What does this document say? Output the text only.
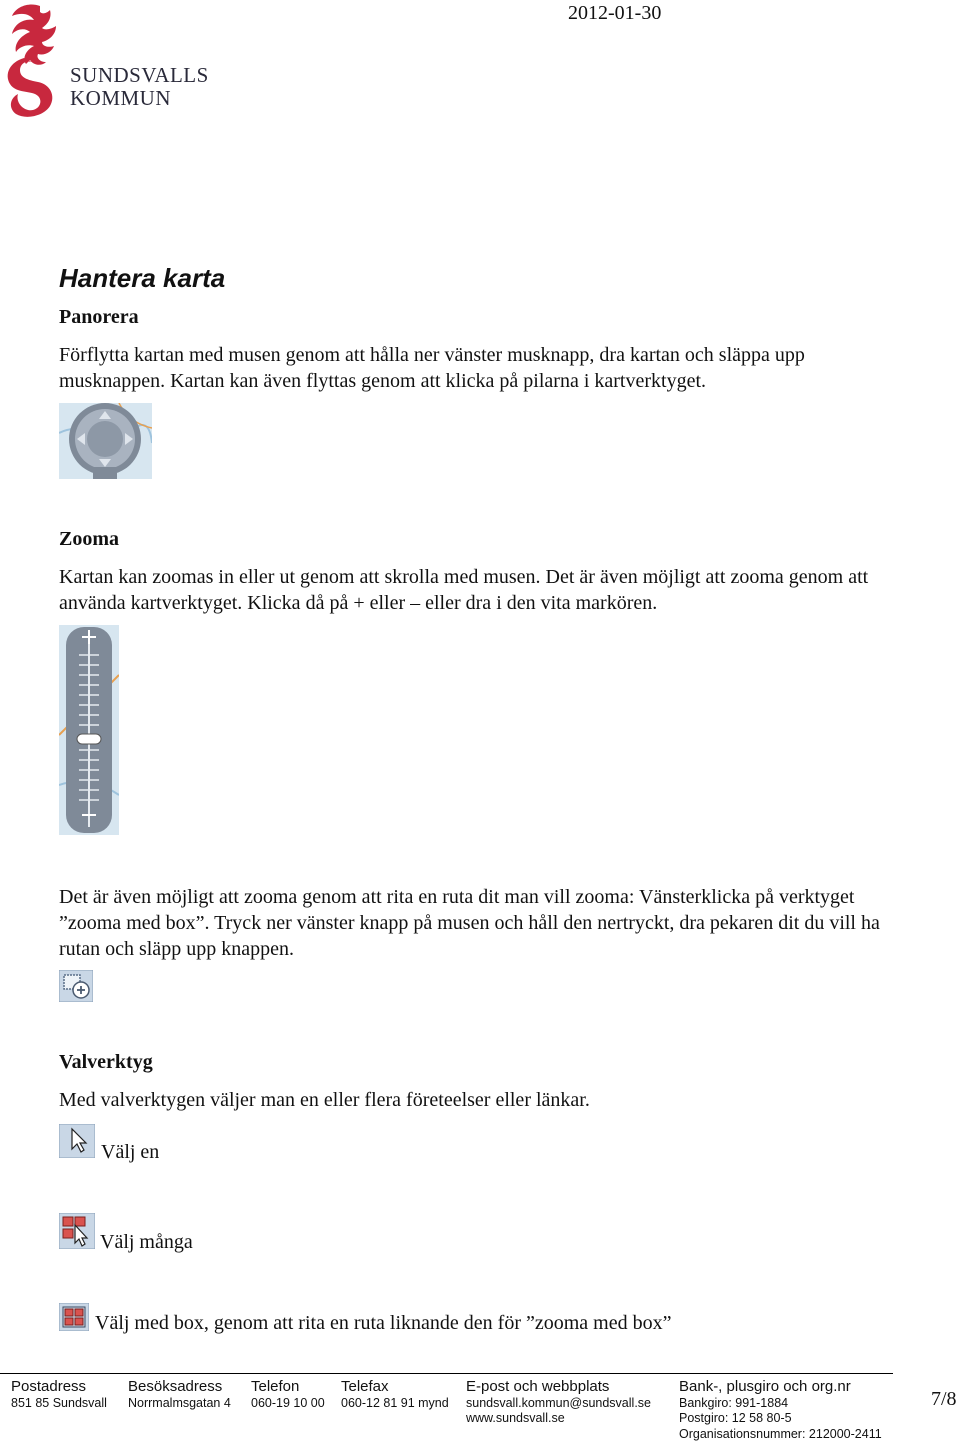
2012-01-30
SUNDSVALLS
KOMMUN
Hantera karta
Panorera
Förflytta kartan med musen genom att hålla ner vänster musknapp, dra kartan och släppa upp musknappen. Kartan kan även flyttas genom att klicka på pilarna i kartverktyget.
Zooma
Kartan kan zoomas in eller ut genom att skrolla med musen. Det är även möjligt att zooma genom att använda kartverktyget. Klicka då på + eller – eller dra i den vita markören.
Det är även möjligt att zooma genom att rita en ruta dit man vill zooma: Vänsterklicka på verktyget ”zooma med box”. Tryck ner vänster knapp på musen och håll den nertryckt, dra pekaren dit du vill ha rutan och släpp upp knappen.
Valverktyg
Med valverktygen väljer man en eller flera företeelser eller länkar.
Välj en
Välj många
Välj med box, genom att rita en ruta liknande den för ”zooma med box”
Postadress
851 85 Sundsvall
Besöksadress
Norrmalmsgatan 4
Telefon
060-19 10 00
Telefax
060-12 81 91 mynd
E-post och webbplats
sundsvall.kommun@sundsvall.se
www.sundsvall.se
Bank-, plusgiro och org.nr
Bankgiro: 991-1884
Postgiro: 12 58 80-5
Organisationsnummer: 212000-2411
7/8
